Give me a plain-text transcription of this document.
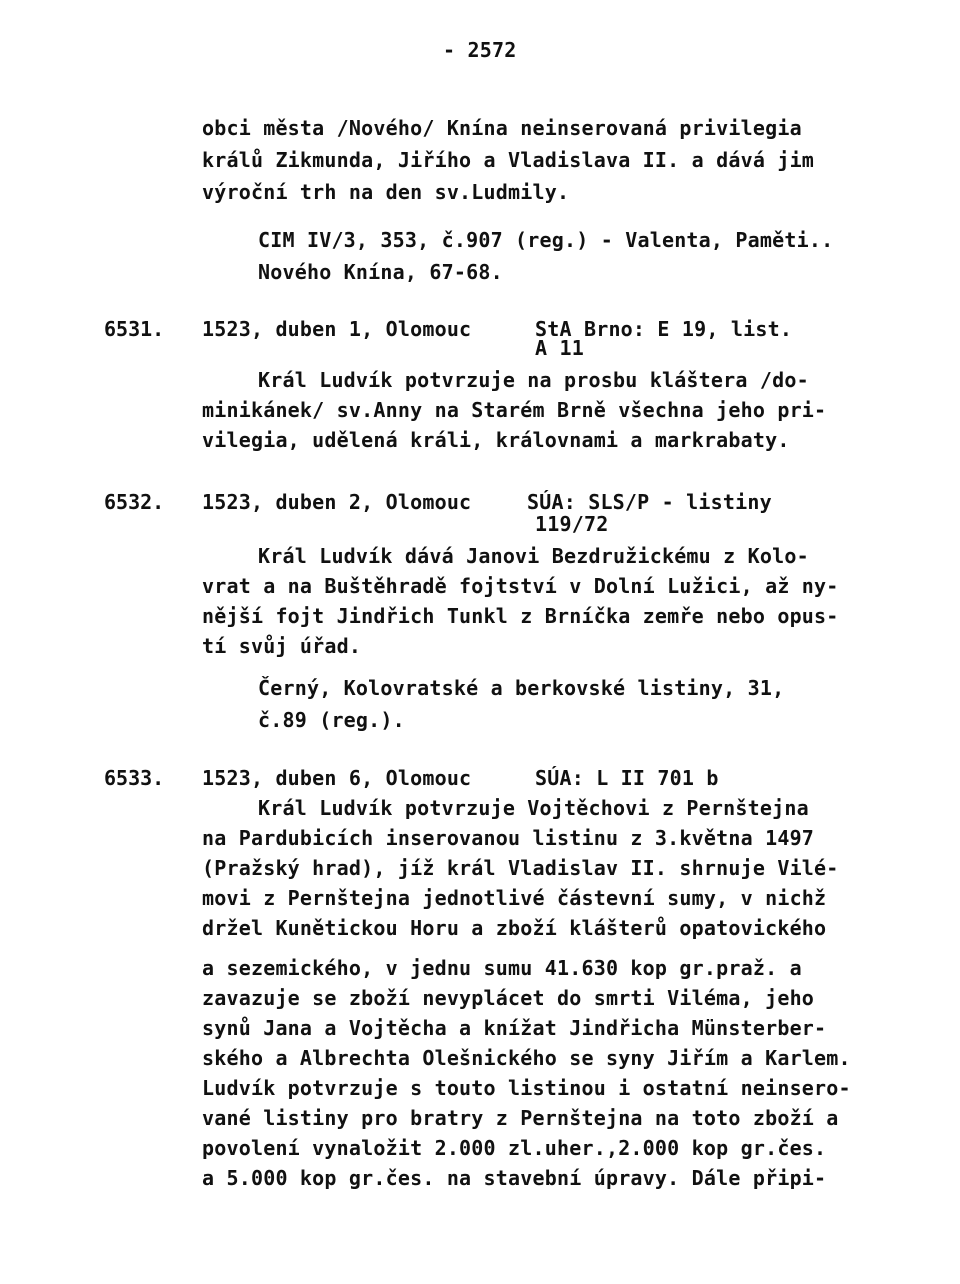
- 2572
obci města /Nového/ Knína neinserovaná privilegia
králů Zikmunda, Jiřího a Vladislava II. a dává jim
výroční trh na den sv.Ludmily.
CIM IV/3, 353, č.907 (reg.) - Valenta, Paměti..
Nového Knína, 67-68.
6531. 1523, duben 1, Olomouc	StA Brno: E 19, list.
A 11
Král Ludvík potvrzuje na prosbu kláštera /do-
minikánek/ sv.Anny na Starém Brně všechna jeho pri-
vilegia, udělená králi, královnami a markrabaty.
6532. 1523, duben 2, Olomouc	SÚA: SLS/P - listiny
119/72
Král Ludvík dává Janovi Bezdružickému z Kolo-
vrat a na Buštěhradě fojtství v Dolní Lužici, až ny-
nější fojt Jindřich Tunkl z Brníčka zemře nebo opus-
tí svůj úřad.
Černý, Kolovratské a berkovské listiny, 31,
č.89 (reg.).
6533. 1523, duben 6, Olomouc	SÚA: L II 701 b
Král Ludvík potvrzuje Vojtěchovi z Pernštejna
na Pardubicích inserovanou listinu z 3.května 1497
(Pražský hrad), jíž král Vladislav II. shrnuje Vilé-
movi z Pernštejna jednotlivé částevní sumy, v nichž
držel Kunětickou Horu a zboží klášterů opatovického
a sezemického, v jednu sumu 41.630 kop gr.praž. a
zavazuje se zboží nevyplácet do smrti Viléma, jeho
synů Jana a Vojtěcha a knížat Jindřicha Münsterber-
ského a Albrechta Olešnického se syny Jiřím a Karlem.
Ludvík potvrzuje s touto listinou i ostatní neinsero-
vané listiny pro bratry z Pernštejna na toto zboží a
povolení vynaložit 2.000 zl.uher.,2.000 kop gr.čes.
a 5.000 kop gr.čes. na stavební úpravy. Dále připi-
